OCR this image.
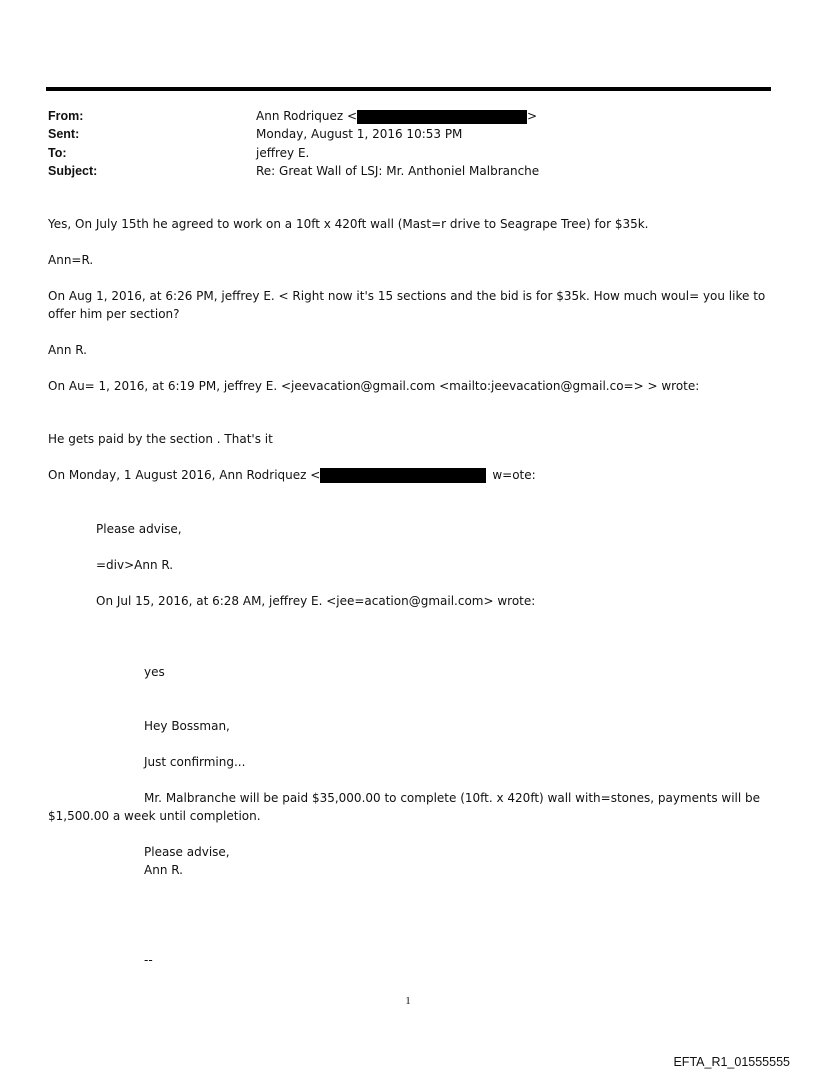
From:	Ann Rodriquez <	>
Sent:	Monday, August 1, 2016 10:53 PM
To:	jeffrey E.
Subject:	Re: Great Wall of LSJ: Mr. Anthoniel Malbranche
Yes, On July 15th he agreed to work on a 10ft x 420ft wall (Mast=r drive to Seagrape Tree) for $35k.
Ann=R.
On Aug 1, 2016, at 6:26 PM, jeffrey E. < Right now it's 15 sections and the bid is for $35k. How much woul= you like to
offer him per section?
Ann R.
On Au= 1, 2016, at 6:19 PM, jeffrey E. <jeevacation@gmail.com <mailto:jeevacation@gmail.co=> > wrote:
He gets paid by the section . That's it
On Monday, 1 August 2016, Ann Rodriquez <	w=ote:
Please advise,
=div>Ann R.
On Jul 15, 2016, at 6:28 AM, jeffrey E. <jee=acation@gmail.com> wrote:
yes
Hey Bossman,
Just confirming...
Mr. Malbranche will be paid $35,000.00 to complete (10ft. x 420ft) wall with=stones, payments will be
$1,500.00 a week until completion.
Please advise,
Ann R.
--
1
EFTA_R1_01555555
